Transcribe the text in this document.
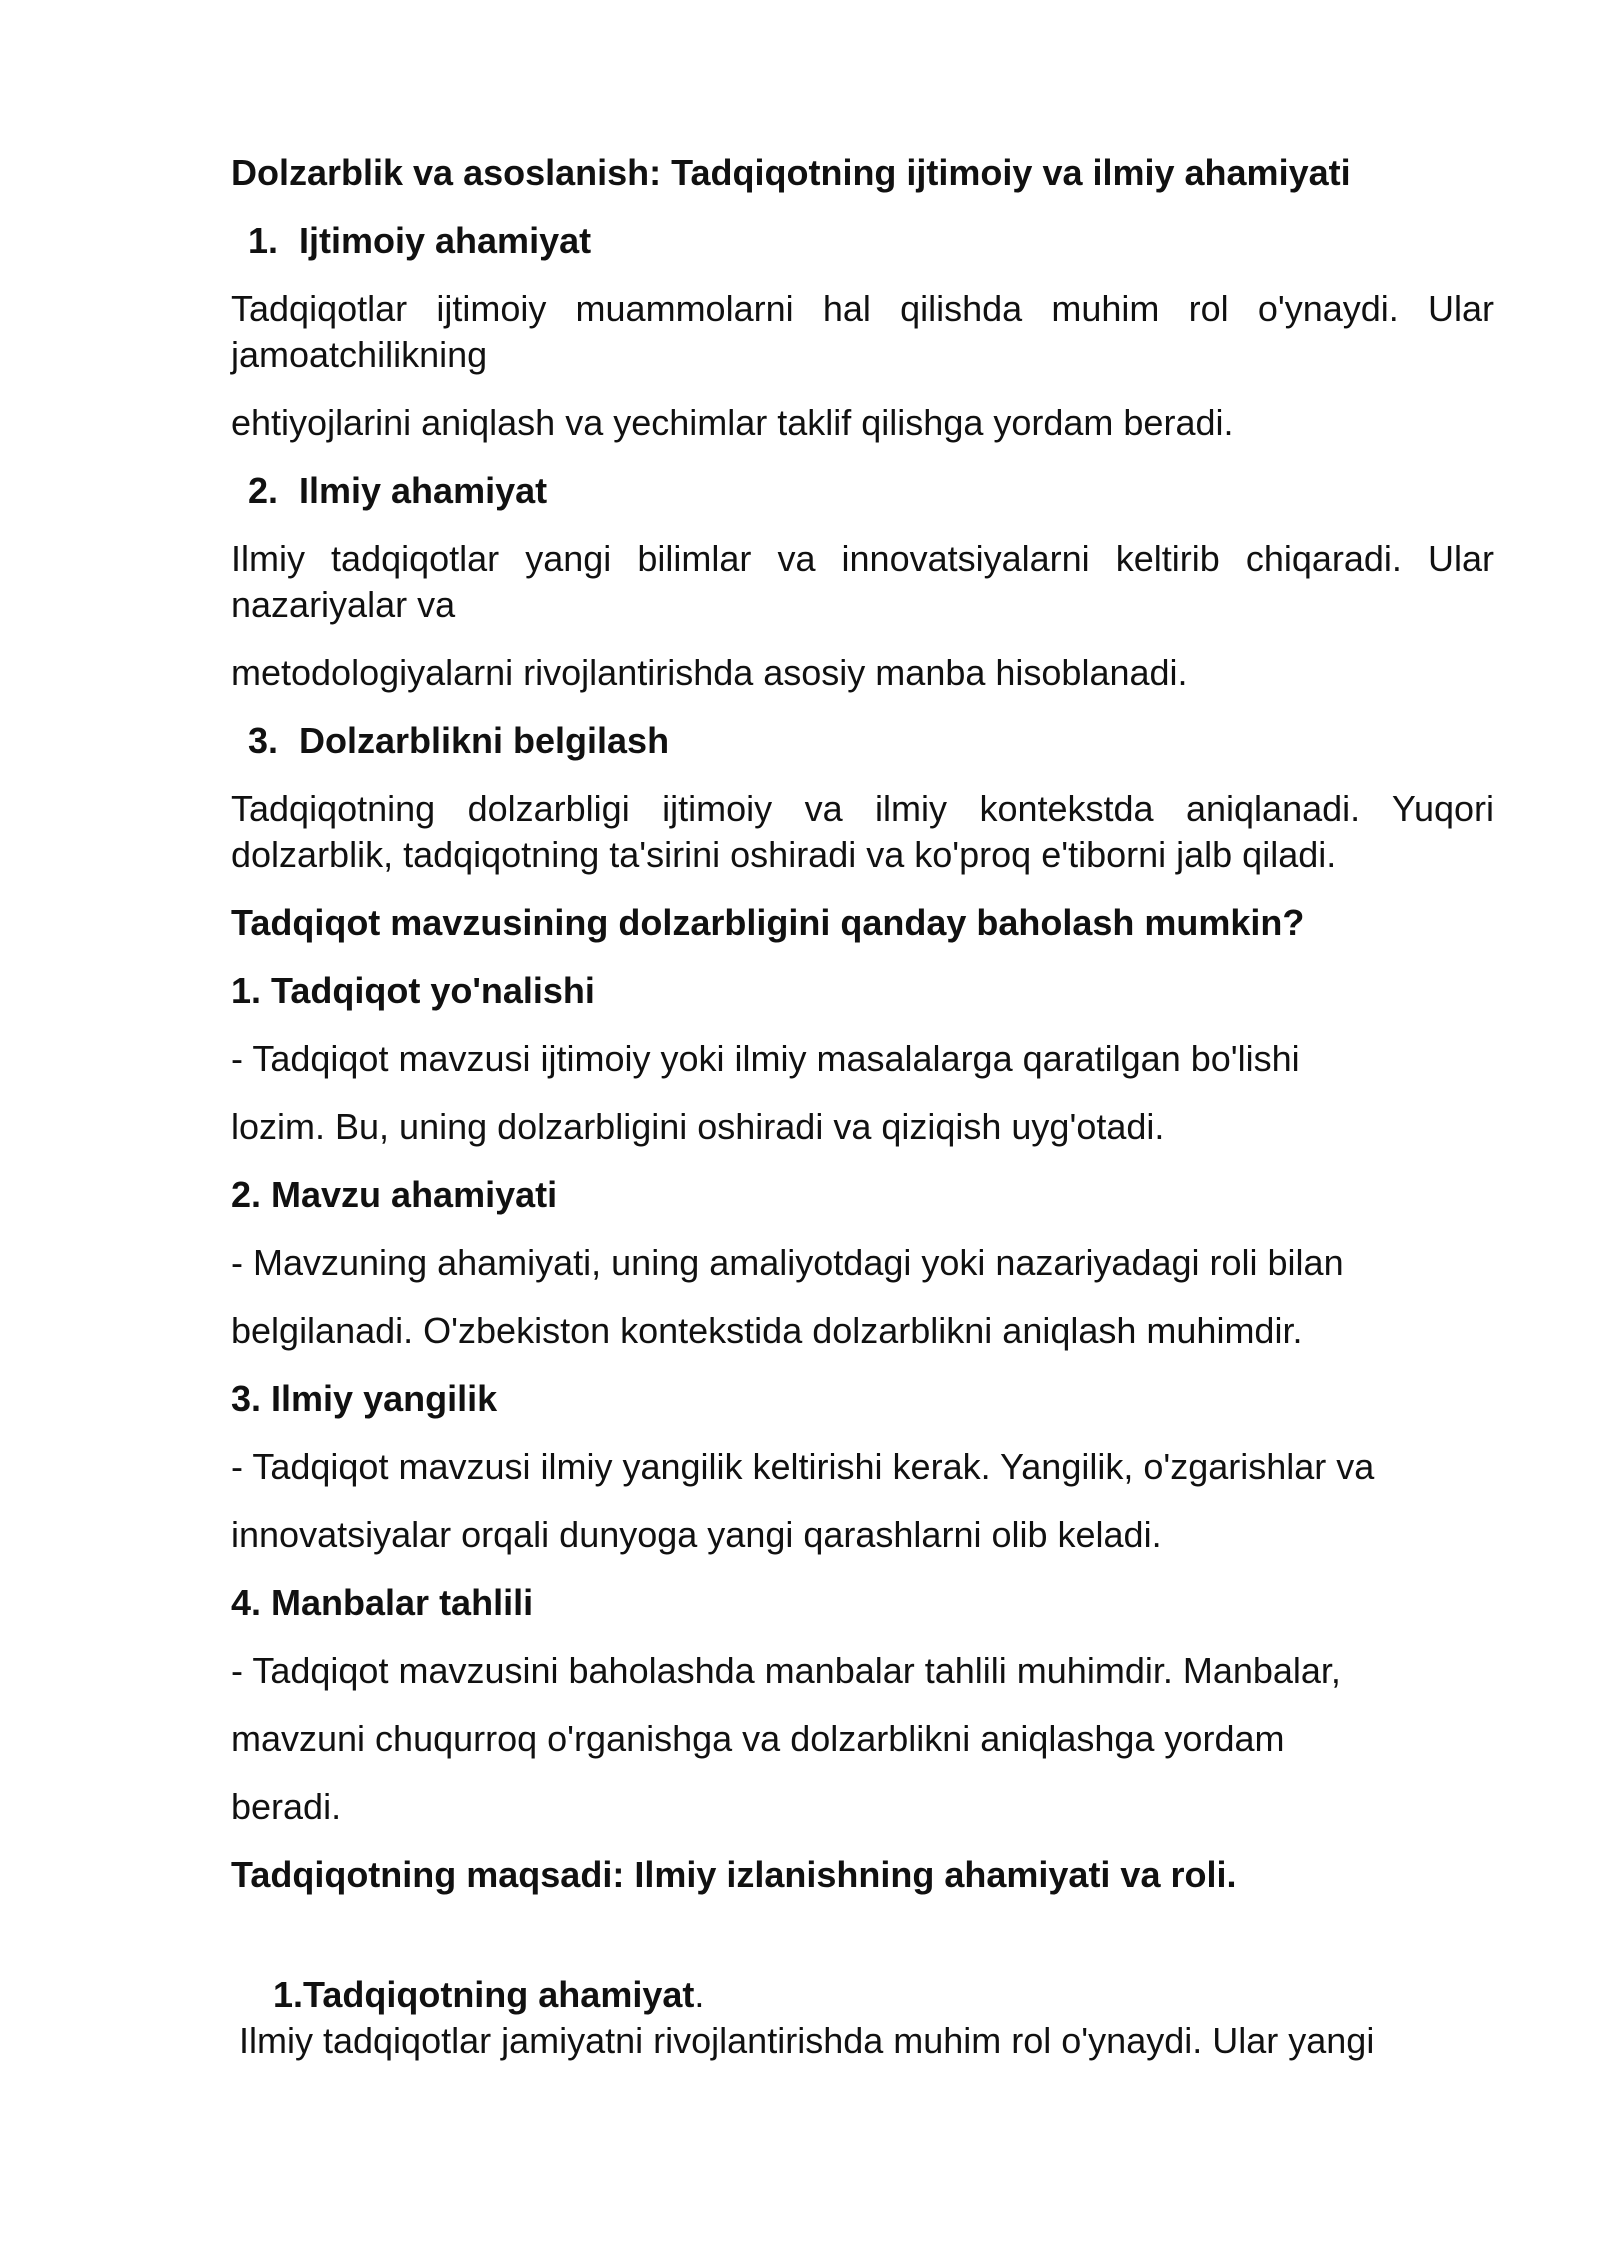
Dolzarblik va asoslanish: Tadqiqotning ijtimoiy va ilmiy ahamiyati

1. Ijtimoiy ahamiyat

Tadqiqotlar ijtimoiy muammolarni hal qilishda muhim rol o'ynaydi. Ular jamoatchilikning

ehtiyojlarini aniqlash va yechimlar taklif qilishga yordam beradi.

2. Ilmiy ahamiyat

Ilmiy tadqiqotlar yangi bilimlar va innovatsiyalarni keltirib chiqaradi. Ular nazariyalar va

metodologiyalarni rivojlantirishda asosiy manba hisoblanadi.

3. Dolzarblikni belgilash

Tadqiqotning dolzarbligi ijtimoiy va ilmiy kontekstda aniqlanadi. Yuqori dolzarblik, tadqiqotning ta'sirini oshiradi va ko'proq e'tiborni jalb qiladi.

Tadqiqot mavzusining dolzarbligini qanday baholash mumkin?

1. Tadqiqot yo'nalishi

- Tadqiqot mavzusi ijtimoiy yoki ilmiy masalalarga qaratilgan bo'lishi

lozim. Bu, uning dolzarbligini oshiradi va qiziqish uyg'otadi.

2. Mavzu ahamiyati

- Mavzuning ahamiyati, uning amaliyotdagi yoki nazariyadagi roli bilan

belgilanadi. O'zbekiston kontekstida dolzarblikni aniqlash muhimdir.

3. Ilmiy yangilik

- Tadqiqot mavzusi ilmiy yangilik keltirishi kerak. Yangilik, o'zgarishlar va

innovatsiyalar orqali dunyoga yangi qarashlarni olib keladi.

4. Manbalar tahlili

- Tadqiqot mavzusini baholashda manbalar tahlili muhimdir. Manbalar,

mavzuni chuqurroq o'rganishga va dolzarblikni aniqlashga yordam

beradi.

Tadqiqotning maqsadi: Ilmiy izlanishning ahamiyati va roli.

1.Tadqiqotning ahamiyat.

Ilmiy tadqiqotlar jamiyatni rivojlantirishda muhim rol o'ynaydi. Ular yangi
